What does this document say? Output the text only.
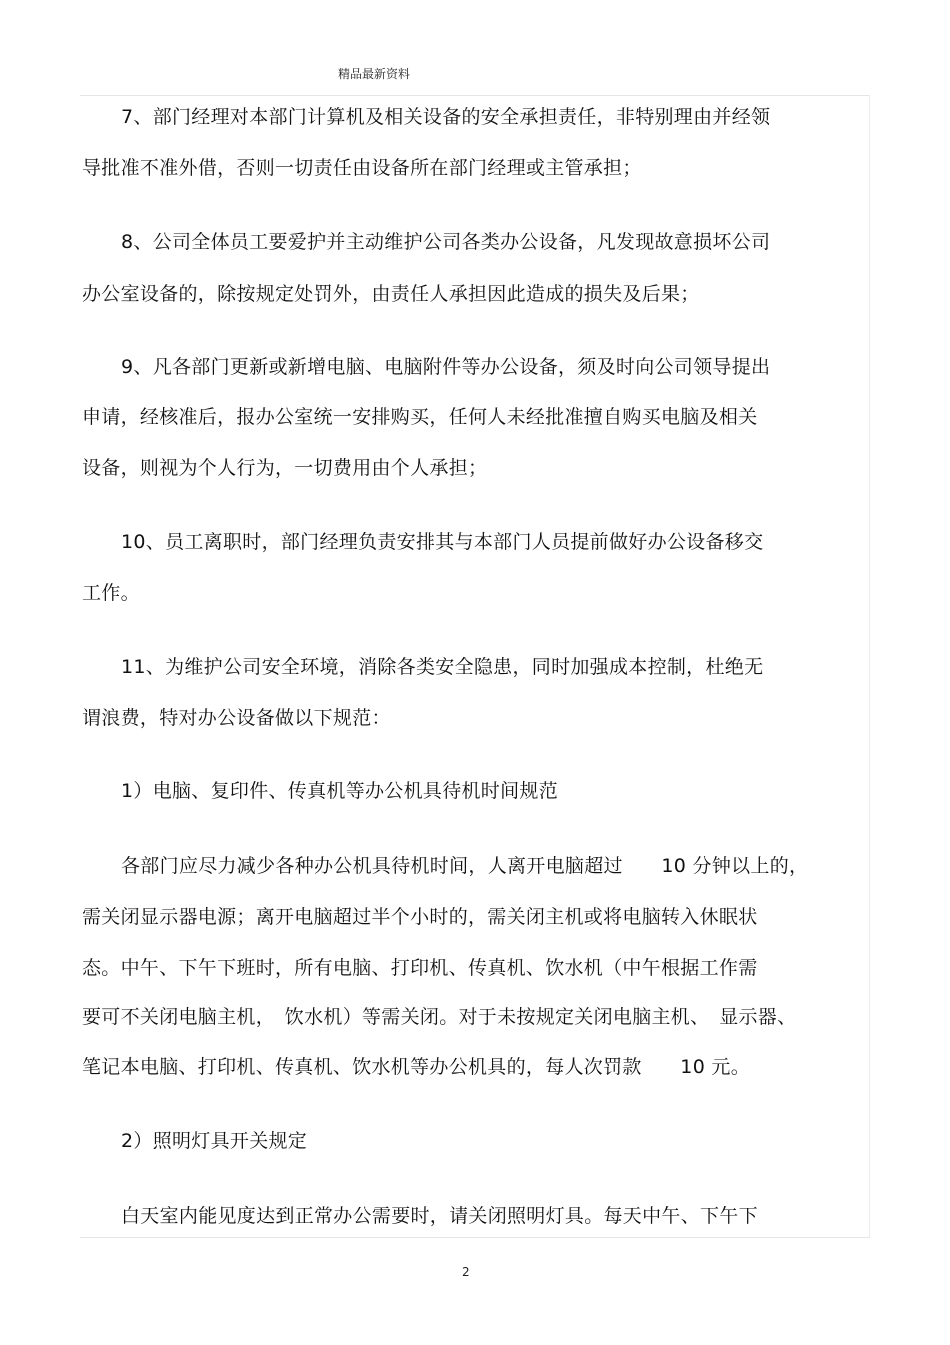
精品最新资料
7、部门经理对本部门计算机及相关设备的安全承担责任，非特别理由并经领
导批准不准外借，否则一切责任由设备所在部门经理或主管承担；
8、公司全体员工要爱护并主动维护公司各类办公设备，凡发现故意损坏公司
办公室设备的，除按规定处罚外，由责任人承担因此造成的损失及后果；
9、凡各部门更新或新增电脑、电脑附件等办公设备，须及时向公司领导提出
申请，经核准后，报办公室统一安排购买，任何人未经批准擅自购买电脑及相关
设备，则视为个人行为，一切费用由个人承担；
10、员工离职时，部门经理负责安排其与本部门人员提前做好办公设备移交
工作。
11、为维护公司安全环境，消除各类安全隐患，同时加强成本控制，杜绝无
谓浪费，特对办公设备做以下规范：
1）电脑、复印件、传真机等办公机具待机时间规范
各部门应尽力减少各种办公机具待机时间，人离开电脑超过　　10 分钟以上的，
需关闭显示器电源；离开电脑超过半个小时的，需关闭主机或将电脑转入休眠状
态。中午、下午下班时，所有电脑、打印机、传真机、饮水机（中午根据工作需
要可不关闭电脑主机，　饮水机）等需关闭。对于未按规定关闭电脑主机、　显示器、
笔记本电脑、打印机、传真机、饮水机等办公机具的，每人次罚款　　10 元。
2）照明灯具开关规定
白天室内能见度达到正常办公需要时，请关闭照明灯具。每天中午、下午下
2
